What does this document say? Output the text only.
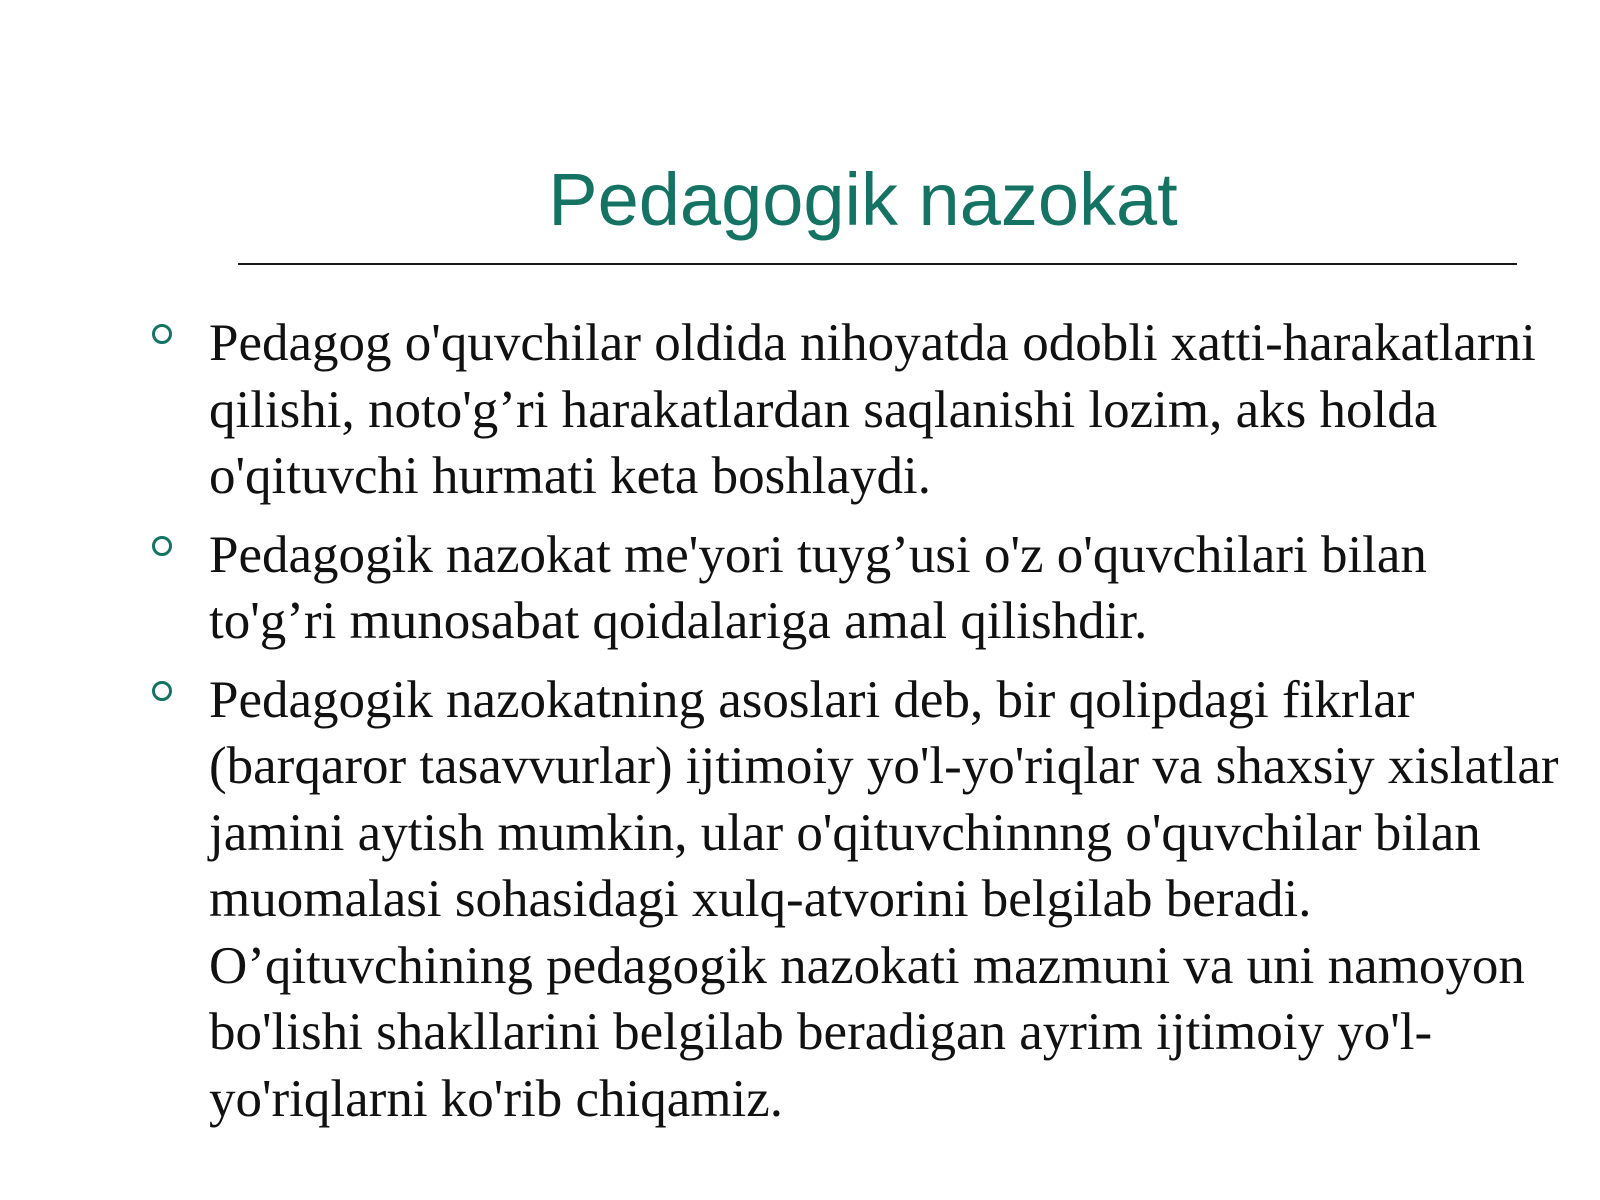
Pedagogik nazokat
Pedagog o'quvchilar oldida nihoyatda odobli xatti-harakatlarni qilishi, noto'g’ri harakatlardan saqlanishi lozim, aks holda o'qituvchi hurmati keta boshlaydi.
Pedagogik nazokat me'yori tuyg’usi o'z o'quvchilari bilan to'g’ri munosabat qoidalariga amal qilishdir.
Pedagogik nazokatning asoslari deb, bir qolipdagi fikrlar (barqaror tasavvurlar) ijtimoiy yo'l-yo'riqlar va shaxsiy xislatlar jamini aytish mumkin, ular o'qituvchinnng o'quvchilar bilan muomalasi sohasidagi xulq-atvorini belgilab beradi. O’qituvchining pedagogik nazokati mazmuni va uni namoyon bo'lishi shakllarini belgilab beradigan ayrim ijtimoiy yo'l-yo'riqlarni ko'rib chiqamiz.
